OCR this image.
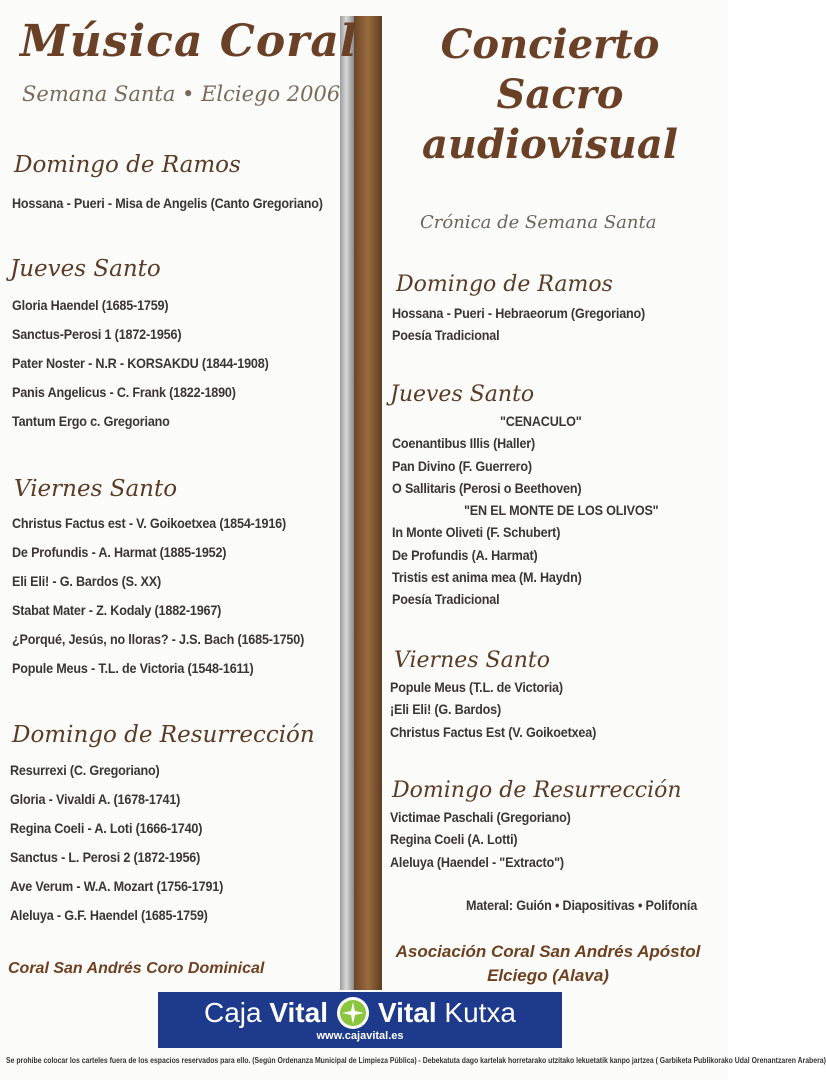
Música Coral
Semana Santa • Elciego 2006
Domingo de Ramos
Hossana - Pueri - Misa de Angelis (Canto Gregoriano)
Jueves Santo
Gloria Haendel (1685-1759)
Sanctus-Perosi 1 (1872-1956)
Pater Noster - N.R - KORSAKDU (1844-1908)
Panis Angelicus - C. Frank (1822-1890)
Tantum Ergo c. Gregoriano
Viernes Santo
Christus Factus est - V. Goikoetxea (1854-1916)
De Profundis - A. Harmat (1885-1952)
Eli Eli! - G. Bardos (S. XX)
Stabat Mater - Z. Kodaly (1882-1967)
¿Porqué, Jesús, no lloras? - J.S. Bach (1685-1750)
Popule Meus - T.L. de Victoria (1548-1611)
Domingo de Resurrección
Resurrexi (C. Gregoriano)
Gloria - Vivaldi A. (1678-1741)
Regina Coeli - A. Loti (1666-1740)
Sanctus - L. Perosi 2 (1872-1956)
Ave Verum - W.A. Mozart (1756-1791)
Aleluya - G.F. Haendel (1685-1759)
Coral San Andrés Coro Dominical
Concierto
Sacro
audiovisual
Crónica de Semana Santa
Domingo de Ramos
Hossana - Pueri - Hebraeorum (Gregoriano)
Poesía Tradicional
Jueves Santo
"CENACULO"
Coenantibus Illis (Haller)
Pan Divino (F. Guerrero)
O Sallitaris (Perosi o Beethoven)
"EN EL MONTE DE LOS OLIVOS"
In Monte Oliveti (F. Schubert)
De Profundis (A. Harmat)
Tristis est anima mea (M. Haydn)
Poesía Tradicional
Viernes Santo
Popule Meus (T.L. de Victoria)
¡Eli Eli! (G. Bardos)
Christus Factus Est (V. Goikoetxea)
Domingo de Resurrección
Victimae Paschali (Gregoriano)
Regina Coeli (A. Lotti)
Aleluya (Haendel - "Extracto")
Materal: Guión • Diapositivas • Polifonía
Asociación Coral San Andrés Apóstol
Elciego (Alava)
Caja Vital Vital Kutxa
www.cajavital.es
Se prohibe colocar los carteles fuera de los espacios reservados para ello. (Según Ordenanza Municipal de Limpieza Pública) - Debekatuta dago kartelak horretarako utzitako lekuetatik kanpo jartzea ( Garbiketa Publikorako Udal Orenantzaren Arabera)
